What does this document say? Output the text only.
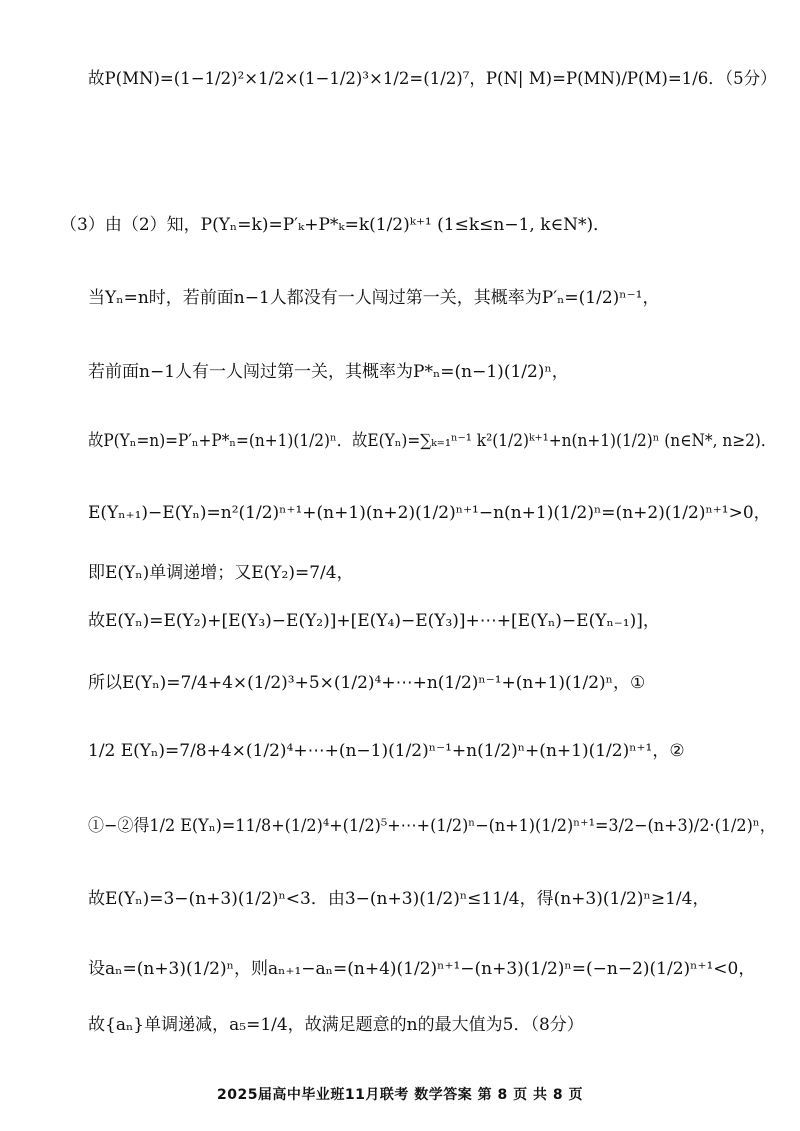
故P(MN)=(1−1/2)²×1/2×(1−1/2)³×1/2=(1/2)⁷，P(N| M)=P(MN)/P(M)=1/6．（5分）
（3）由（2）知，P(Yₙ=k)=P′ₖ+P*ₖ=k(1/2)ᵏ⁺¹ (1≤k≤n−1, k∈N*)．
当Yₙ=n时，若前面n−1人都没有一人闯过第一关，其概率为P′ₙ=(1/2)ⁿ⁻¹，
若前面n−1人有一人闯过第一关，其概率为P*ₙ=(n−1)(1/2)ⁿ，
故P(Yₙ=n)=P′ₙ+P*ₙ=(n+1)(1/2)ⁿ．故E(Yₙ)=∑ₖ₌₁ⁿ⁻¹ k²(1/2)ᵏ⁺¹+n(n+1)(1/2)ⁿ (n∈N*, n≥2)．
E(Yₙ₊₁)−E(Yₙ)=n²(1/2)ⁿ⁺¹+(n+1)(n+2)(1/2)ⁿ⁺¹−n(n+1)(1/2)ⁿ=(n+2)(1/2)ⁿ⁺¹>0，
即E(Yₙ)单调递增；又E(Y₂)=7/4，
故E(Yₙ)=E(Y₂)+[E(Y₃)−E(Y₂)]+[E(Y₄)−E(Y₃)]+⋯+[E(Yₙ)−E(Yₙ₋₁)]，
所以E(Yₙ)=7/4+4×(1/2)³+5×(1/2)⁴+⋯+n(1/2)ⁿ⁻¹+(n+1)(1/2)ⁿ，①
1/2 E(Yₙ)=7/8+4×(1/2)⁴+⋯+(n−1)(1/2)ⁿ⁻¹+n(1/2)ⁿ+(n+1)(1/2)ⁿ⁺¹，②
①−②得1/2 E(Yₙ)=11/8+(1/2)⁴+(1/2)⁵+⋯+(1/2)ⁿ−(n+1)(1/2)ⁿ⁺¹=3/2−(n+3)/2·(1/2)ⁿ，
故E(Yₙ)=3−(n+3)(1/2)ⁿ<3．由3−(n+3)(1/2)ⁿ≤11/4，得(n+3)(1/2)ⁿ≥1/4，
设aₙ=(n+3)(1/2)ⁿ，则aₙ₊₁−aₙ=(n+4)(1/2)ⁿ⁺¹−(n+3)(1/2)ⁿ=(−n−2)(1/2)ⁿ⁺¹<0，
故{aₙ}单调递减，a₅=1/4，故满足题意的n的最大值为5．（8分）
2025届高中毕业班11月联考 数学答案 第 8 页 共 8 页
